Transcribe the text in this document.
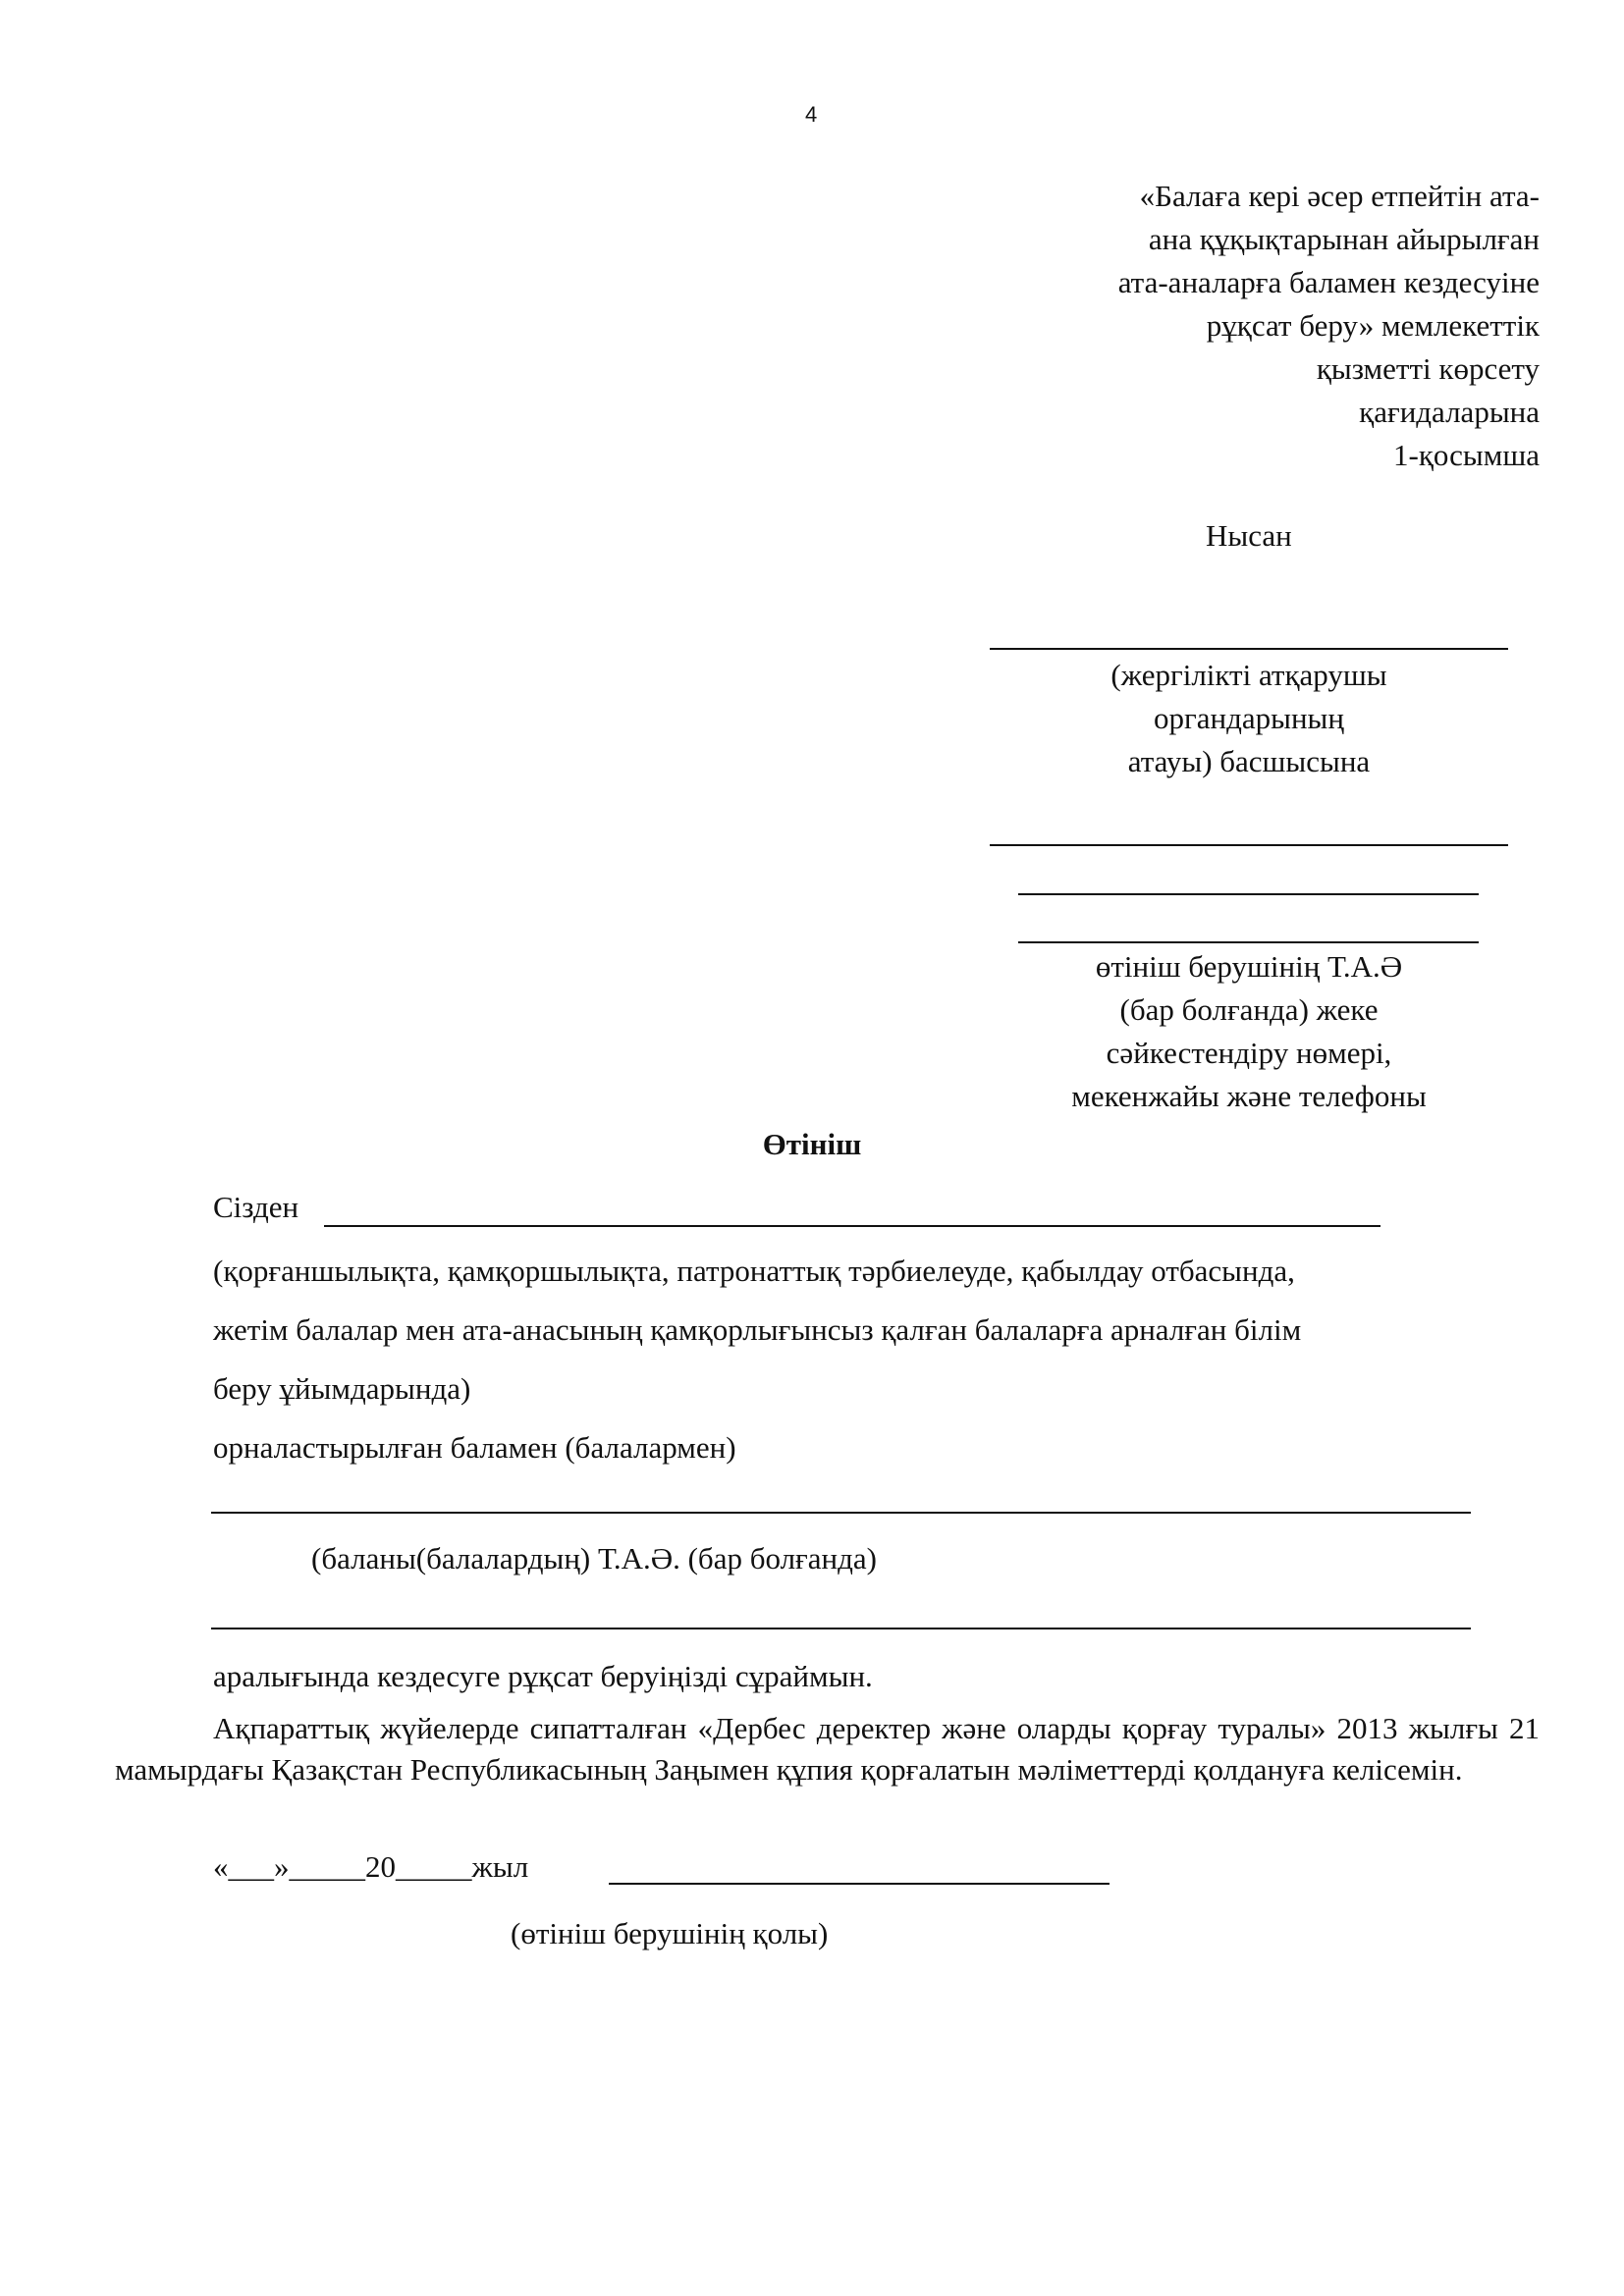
4
«Балаға кері әсер етпейтін ата-
ана құқықтарынан айырылған
ата-аналарға баламен кездесуіне
рұқсат беру» мемлекеттік
қызметті көрсету
қағидаларына
1-қосымша
Нысан
(жергілікті атқарушы
органдарының
атауы) басшысына
өтініш берушінің Т.А.Ә
(бар болғанда) жеке
сәйкестендіру нөмері,
мекенжайы және телефоны
Өтініш
Сізден
(қорғаншылықта, қамқоршылықта, патронаттық тәрбиелеуде, қабылдау отбасында,
жетім балалар мен ата-анасының қамқорлығынсыз қалған балаларға арналған білім
беру ұйымдарында)
орналастырылған баламен (балалармен)
(баланы(балалардың) Т.А.Ә. (бар болғанда)
аралығында кездесуге рұқсат беруіңізді сұраймын.
Ақпараттық жүйелерде сипатталған «Дербес деректер және оларды қорғау туралы» 2013 жылғы 21 мамырдағы Қазақстан Республикасының Заңымен құпия қорғалатын мәліметтерді қолдануға келісемін.
«___»_____20_____жыл
(өтініш берушінің қолы)
